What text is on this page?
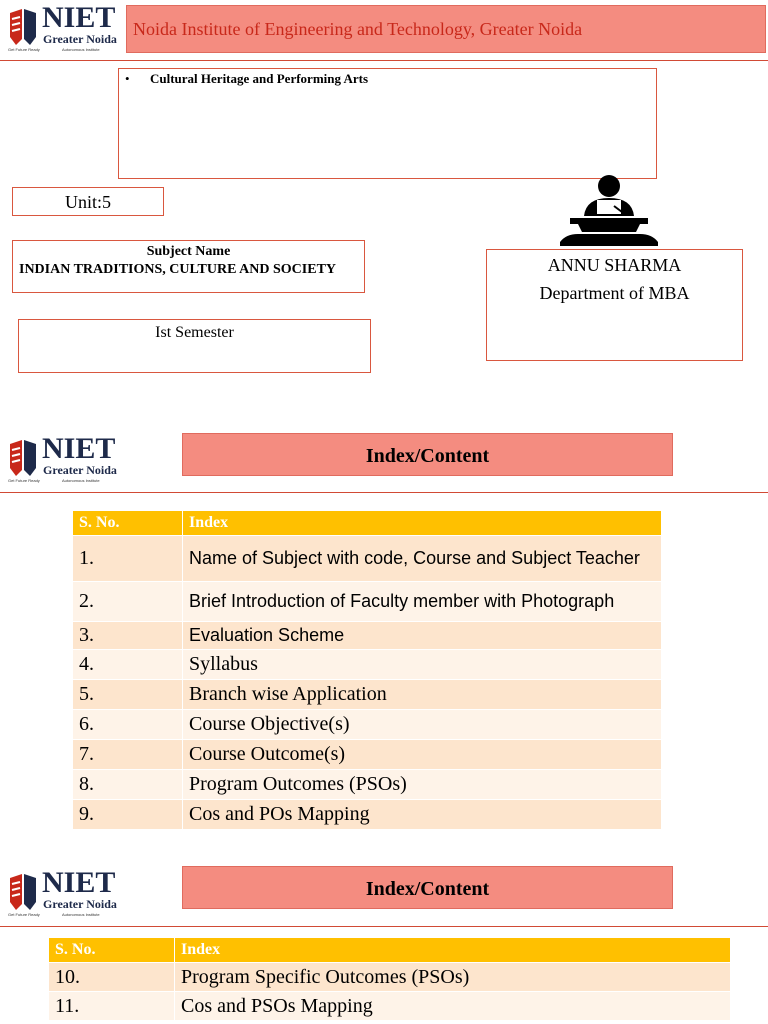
NIET
Greater Noida
Get Future Ready	Autonomous Institute
Noida Institute of Engineering and Technology, Greater Noida
• Cultural Heritage and Performing Arts
Unit:5
Subject Name
INDIAN TRADITIONS, CULTURE AND SOCIETY
Ist Semester
ANNU SHARMA
Department of MBA
NIET
Greater Noida
Get Future Ready	Autonomous Institute
Index/Content
S. No.	Index
1.	Name of Subject with code, Course and Subject Teacher
2.	Brief Introduction of Faculty member with Photograph
3.	Evaluation Scheme
4.	Syllabus
5.	Branch wise Application
6.	Course Objective(s)
7.	Course Outcome(s)
8.	Program Outcomes (PSOs)
9.	Cos and POs Mapping
NIET
Greater Noida
Get Future Ready	Autonomous Institute
Index/Content
S. No.	Index
10.	Program Specific Outcomes (PSOs)
11.	Cos and PSOs Mapping
